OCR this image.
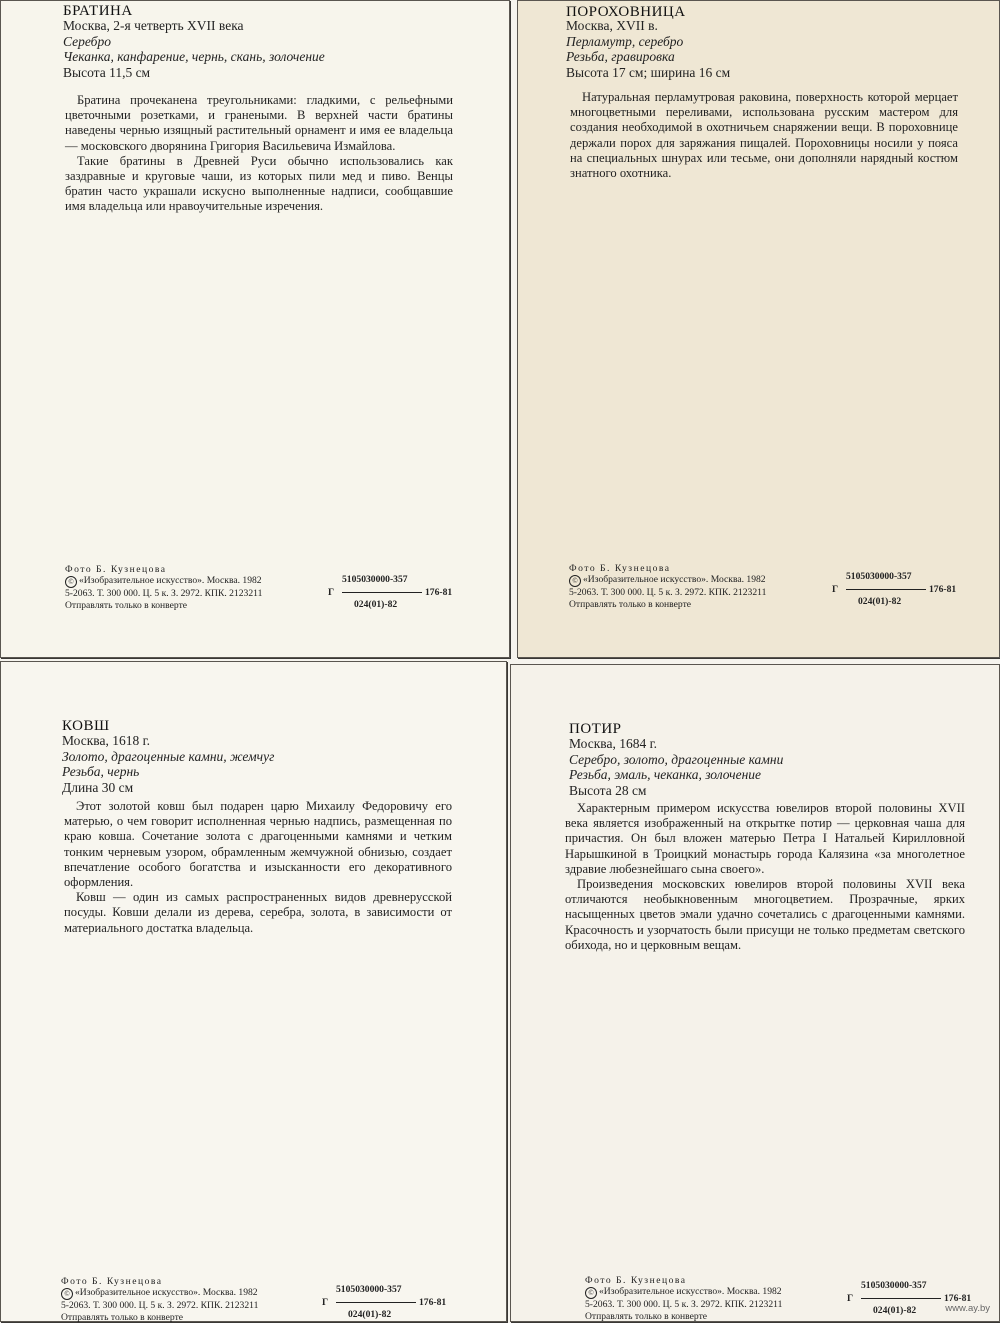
БРАТИНА
Москва, 2-я четверть XVII века
Серебро
Чеканка, канфарение, чернь, скань, золочение
Высота 11,5 см

Братина прочеканена треугольниками: гладкими, с рельефными цветочными розетками, и гранеными. В верхней части братины наведены чернью изящный растительный орнамент и имя ее владельца — московского дворянина Григория Васильевича Измайлова.

Такие братины в Древней Руси обычно использовались как заздравные и круговые чаши, из которых пили мед и пиво. Венцы братин часто украшали искусно выполненные надписи, сообщавшие имя владельца или нравоучительные изречения.

Фото Б. Кузнецова
© «Изобразительное искусство». Москва. 1982
5-2063. Т. 300 000. Ц. 5 к. З. 2972. КПК. 2123211
Отправлять только в конверте
5105030000-357
Г	176-81
024(01)-82
ПОРОХОВНИЦА
Москва, XVII в.
Перламутр, серебро
Резьба, гравировка
Высота 17 см; ширина 16 см

Натуральная перламутровая раковина, поверхность которой мерцает многоцветными переливами, использована русским мастером для создания необходимой в охотничьем снаряжении вещи. В пороховнице держали порох для заряжания пищалей. Пороховницы носили у пояса на специальных шнурах или тесьме, они дополняли нарядный костюм знатного охотника.

Фото Б. Кузнецова
© «Изобразительное искусство». Москва. 1982
5-2063. Т. 300 000. Ц. 5 к. З. 2972. КПК. 2123211
Отправлять только в конверте
5105030000-357
Г	176-81
024(01)-82
КОВШ
Москва, 1618 г.
Золото, драгоценные камни, жемчуг
Резьба, чернь
Длина 30 см

Этот золотой ковш был подарен царю Михаилу Федоровичу его матерью, о чем говорит исполненная чернью надпись, размещенная по краю ковша. Сочетание золота с драгоценными камнями и четким тонким черневым узором, обрамленным жемчужной обнизью, создает впечатление особого богатства и изысканности его декоративного оформления.

Ковш — один из самых распространенных видов древнерусской посуды. Ковши делали из дерева, серебра, золота, в зависимости от материального достатка владельца.

Фото Б. Кузнецова
© «Изобразительное искусство». Москва. 1982
5-2063. Т. 300 000. Ц. 5 к. З. 2972. КПК. 2123211
Отправлять только в конверте
5105030000-357
Г	176-81
024(01)-82
ПОТИР
Москва, 1684 г.
Серебро, золото, драгоценные камни
Резьба, эмаль, чеканка, золочение
Высота 28 см

Характерным примером искусства ювелиров второй половины XVII века является изображенный на открытке потир — церковная чаша для причастия. Он был вложен матерью Петра I Натальей Кирилловной Нарышкиной в Троицкий монастырь города Калязина «за многолетное здравие любезнейшаго сына своего».

Произведения московских ювелиров второй половины XVII века отличаются необыкновенным многоцветием. Прозрачные, ярких насыщенных цветов эмали удачно сочетались с драгоценными камнями. Красочность и узорчатость были присущи не только предметам светского обихода, но и церковным вещам.

Фото Б. Кузнецова
© «Изобразительное искусство». Москва. 1982
5-2063. Т. 300 000. Ц. 5 к. З. 2972. КПК. 2123211
Отправлять только в конверте
5105030000-357
Г	176-81
024(01)-82	www.ay.by
